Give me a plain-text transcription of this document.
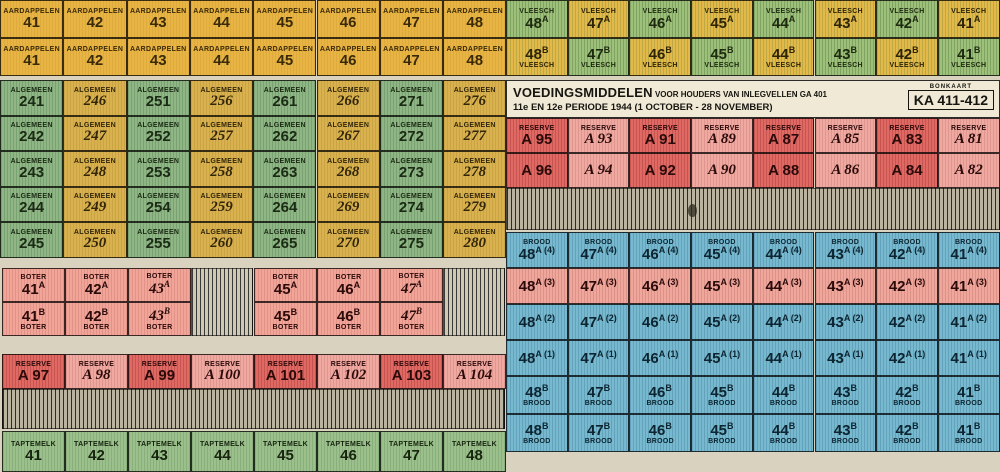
AARDAPPELEN
41
AARDAPPELEN
42
AARDAPPELEN
43
AARDAPPELEN
44
AARDAPPELEN
45
AARDAPPELEN
46
AARDAPPELEN
47
AARDAPPELEN
48
AARDAPPELEN
41
AARDAPPELEN
42
AARDAPPELEN
43
AARDAPPELEN
44
AARDAPPELEN
45
AARDAPPELEN
46
AARDAPPELEN
47
AARDAPPELEN
48
VLEESCH
$48^A$
VLEESCH
$47^A$
VLEESCH
$46^A$
VLEESCH
$45^A$
VLEESCH
$44^A$
VLEESCH
$43^A$
VLEESCH
$42^A$
VLEESCH
$41^A$
$48^B$
VLEESCH
$47^B$
VLEESCH
$46^B$
VLEESCH
$45^B$
VLEESCH
$44^B$
VLEESCH
$43^B$
VLEESCH
$42^B$
VLEESCH
$41^B$
VLEESCH
ALGEMEEN
241
ALGEMEEN
246
ALGEMEEN
251
ALGEMEEN
256
ALGEMEEN
261
ALGEMEEN
266
ALGEMEEN
271
ALGEMEEN
276
ALGEMEEN
242
ALGEMEEN
247
ALGEMEEN
252
ALGEMEEN
257
ALGEMEEN
262
ALGEMEEN
267
ALGEMEEN
272
ALGEMEEN
277
ALGEMEEN
243
ALGEMEEN
248
ALGEMEEN
253
ALGEMEEN
258
ALGEMEEN
263
ALGEMEEN
268
ALGEMEEN
273
ALGEMEEN
278
ALGEMEEN
244
ALGEMEEN
249
ALGEMEEN
254
ALGEMEEN
259
ALGEMEEN
264
ALGEMEEN
269
ALGEMEEN
274
ALGEMEEN
279
ALGEMEEN
245
ALGEMEEN
250
ALGEMEEN
255
ALGEMEEN
260
ALGEMEEN
265
ALGEMEEN
270
ALGEMEEN
275
ALGEMEEN
280
VOEDINGSMIDDELEN VOOR HOUDERS VAN INLEGVELLEN GA 401
11e EN 12e PERIODE 1944 (1 OCTOBER - 28 NOVEMBER)
BONKAART
KA 411-412
RESERVE
A 95
RESERVE
A 93
RESERVE
A 91
RESERVE
A 89
RESERVE
A 87
RESERVE
A 85
RESERVE
A 83
RESERVE
A 81
A 96 A 94 A 92 A 90 A 88 A 86 A 84 A 82
BOTER
$41^A$
BOTER
$42^A$
BOTER
$43^A$
$41^B$
BOTER
$42^B$
BOTER
$43^B$
BOTER
BOTER
$45^A$
BOTER
$46^A$
BOTER
$47^A$
$45^B$
BOTER
$46^B$
BOTER
$47^B$
BOTER
RESERVE
A 97
RESERVE
A 98
RESERVE
A 99
RESERVE
A 100
RESERVE
A 101
RESERVE
A 102
RESERVE
A 103
RESERVE
A 104
TAPTEMELK
41
TAPTEMELK
42
TAPTEMELK
43
TAPTEMELK
44
TAPTEMELK
45
TAPTEMELK
46
TAPTEMELK
47
TAPTEMELK
48
BROOD
$48^{A (4)}$
BROOD
$47^{A (4)}$
BROOD
$46^{A (4)}$
BROOD
$45^{A (4)}$
BROOD
$44^{A (4)}$
BROOD
$43^{A (4)}$
BROOD
$42^{A (4)}$
BROOD
$41^{A (4)}$
$48^{A (3)}$ $47^{A (3)}$ $46^{A (3)}$ $45^{A (3)}$ $44^{A (3)}$ $43^{A (3)}$ $42^{A (3)}$ $41^{A (3)}$
$48^{A (2)}$ $47^{A (2)}$ $46^{A (2)}$ $45^{A (2)}$ $44^{A (2)}$ $43^{A (2)}$ $42^{A (2)}$ $41^{A (2)}$
$48^{A (1)}$ $47^{A (1)}$ $46^{A (1)}$ $45^{A (1)}$ $44^{A (1)}$ $43^{A (1)}$ $42^{A (1)}$ $41^{A (1)}$
$48^B$
BROOD
$47^B$
BROOD
$46^B$
BROOD
$45^B$
BROOD
$44^B$
BROOD
$43^B$
BROOD
$42^B$
BROOD
$41^B$
BROOD
$48^B$
BROOD
$47^B$
BROOD
$46^B$
BROOD
$45^B$
BROOD
$44^B$
BROOD
$43^B$
BROOD
$42^B$
BROOD
$41^B$
BROOD
